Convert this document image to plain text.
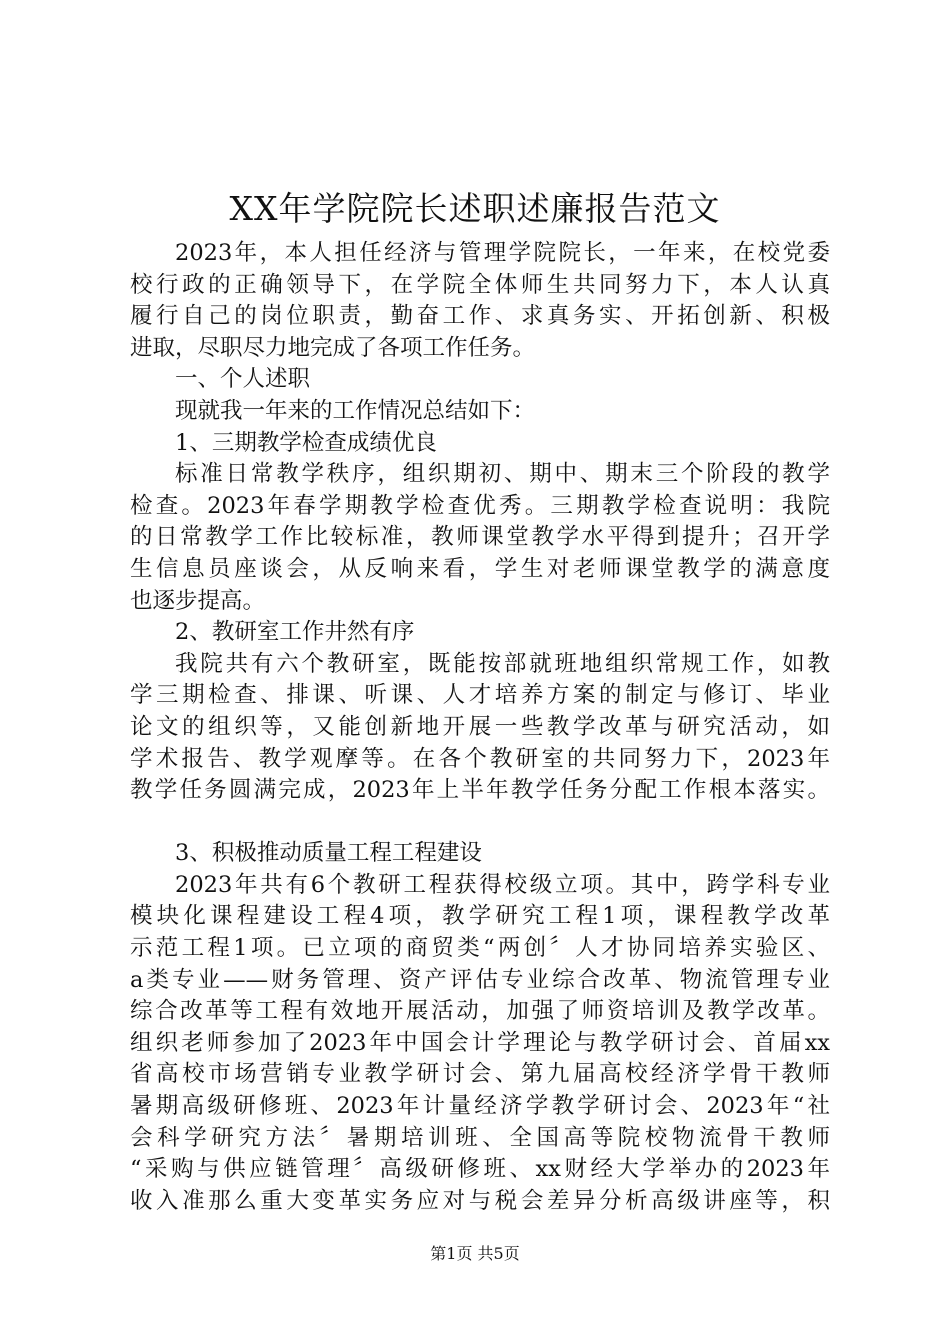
XX年学院院长述职述廉报告范文
2023年，本人担任经济与管理学院院长，一年来，在校党委
校行政的正确领导下，在学院全体师生共同努力下，本人认真
履行自己的岗位职责，勤奋工作、求真务实、开拓创新、积极
进取，尽职尽力地完成了各项工作任务。
一、个人述职
现就我一年来的工作情况总结如下：
1、三期教学检查成绩优良
标准日常教学秩序，组织期初、期中、期末三个阶段的教学
检查。2023年春学期教学检查优秀。三期教学检查说明：我院
的日常教学工作比较标准，教师课堂教学水平得到提升；召开学
生信息员座谈会，从反响来看，学生对老师课堂教学的满意度
也逐步提高。
2、教研室工作井然有序
我院共有六个教研室，既能按部就班地组织常规工作，如教
学三期检查、排课、听课、人才培养方案的制定与修订、毕业
论文的组织等，又能创新地开展一些教学改革与研究活动，如
学术报告、教学观摩等。在各个教研室的共同努力下，2023年
教学任务圆满完成，2023年上半年教学任务分配工作根本落实。
3、积极推动质量工程工程建设
2023年共有6个教研工程获得校级立项。其中，跨学科专业
模块化课程建设工程4项，教学研究工程1项，课程教学改革
示范工程1项。已立项的商贸类“两创〞人才协同培养实验区、
a类专业——财务管理、资产评估专业综合改革、物流管理专业
综合改革等工程有效地开展活动，加强了师资培训及教学改革。
组织老师参加了2023年中国会计学理论与教学研讨会、首届xx
省高校市场营销专业教学研讨会、第九届高校经济学骨干教师
暑期高级研修班、2023年计量经济学教学研讨会、2023年“社
会科学研究方法〞暑期培训班、全国高等院校物流骨干教师
“采购与供应链管理〞高级研修班、xx财经大学举办的2023年
收入准那么重大变革实务应对与税会差异分析高级讲座等，积
第1页 共5页
